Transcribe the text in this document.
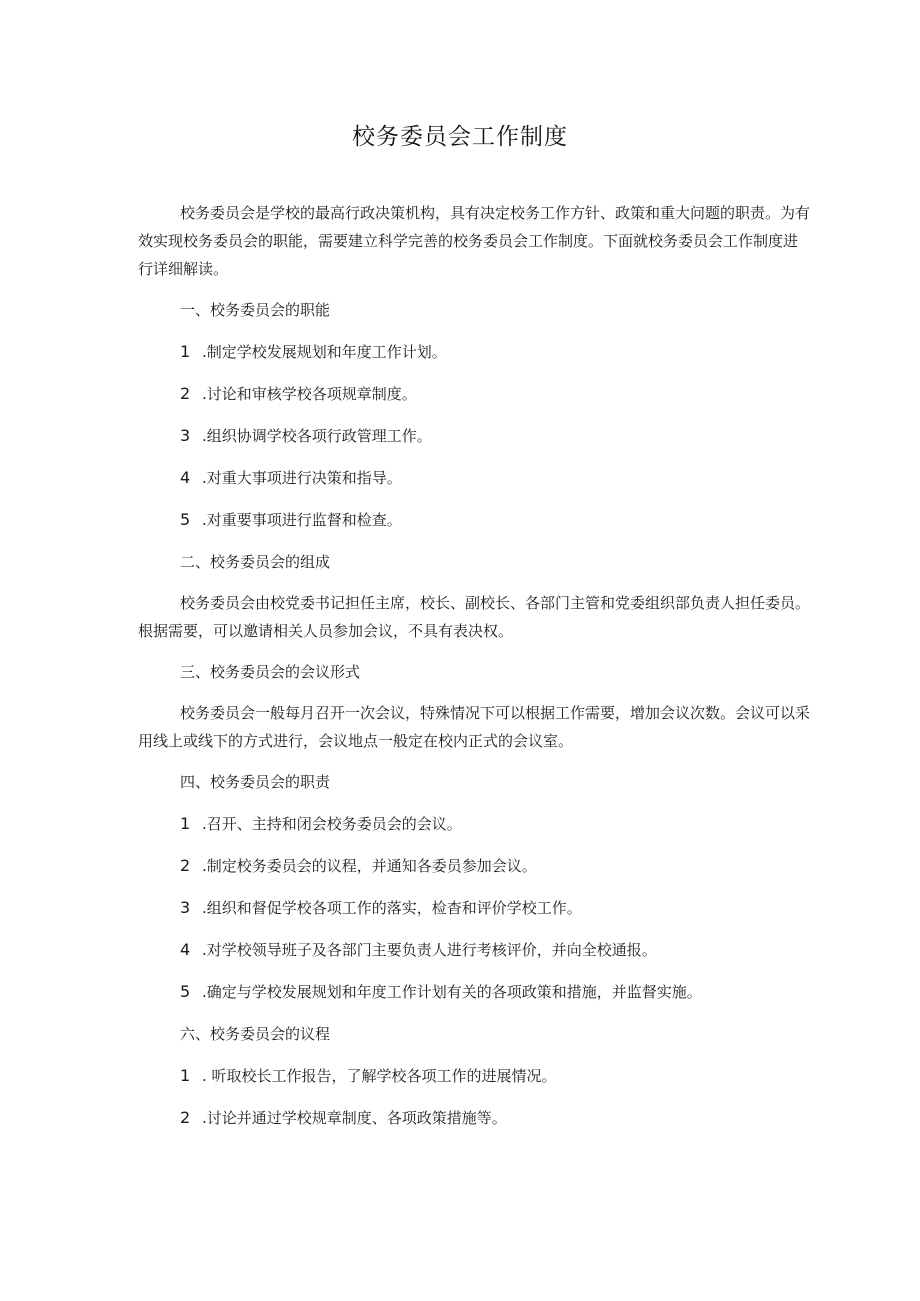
校务委员会工作制度

校务委员会是学校的最高行政决策机构，具有决定校务工作方针、政策和重大问题的职责。为有效实现校务委员会的职能，需要建立科学完善的校务委员会工作制度。下面就校务委员会工作制度进行详细解读。

一、校务委员会的职能

1 .制定学校发展规划和年度工作计划。

2 .讨论和审核学校各项规章制度。

3 .组织协调学校各项行政管理工作。

4 .对重大事项进行决策和指导。

5 .对重要事项进行监督和检查。

二、校务委员会的组成

校务委员会由校党委书记担任主席，校长、副校长、各部门主管和党委组织部负责人担任委员。根据需要，可以邀请相关人员参加会议，不具有表决权。

三、校务委员会的会议形式

校务委员会一般每月召开一次会议，特殊情况下可以根据工作需要，增加会议次数。会议可以采用线上或线下的方式进行，会议地点一般定在校内正式的会议室。

四、校务委员会的职责

1 .召开、主持和闭会校务委员会的会议。

2 .制定校务委员会的议程，并通知各委员参加会议。

3 .组织和督促学校各项工作的落实，检杳和评价学校工作。

4 .对学校领导班子及各部门主要负责人进行考核评价，并向全校通报。

5 .确定与学校发展规划和年度工作计划有关的各项政策和措施，并监督实施。

六、校务委员会的议程

1 . 听取校长工作报告，了解学校各项工作的进展情况。

2 .讨论并通过学校规章制度、各项政策措施等。
